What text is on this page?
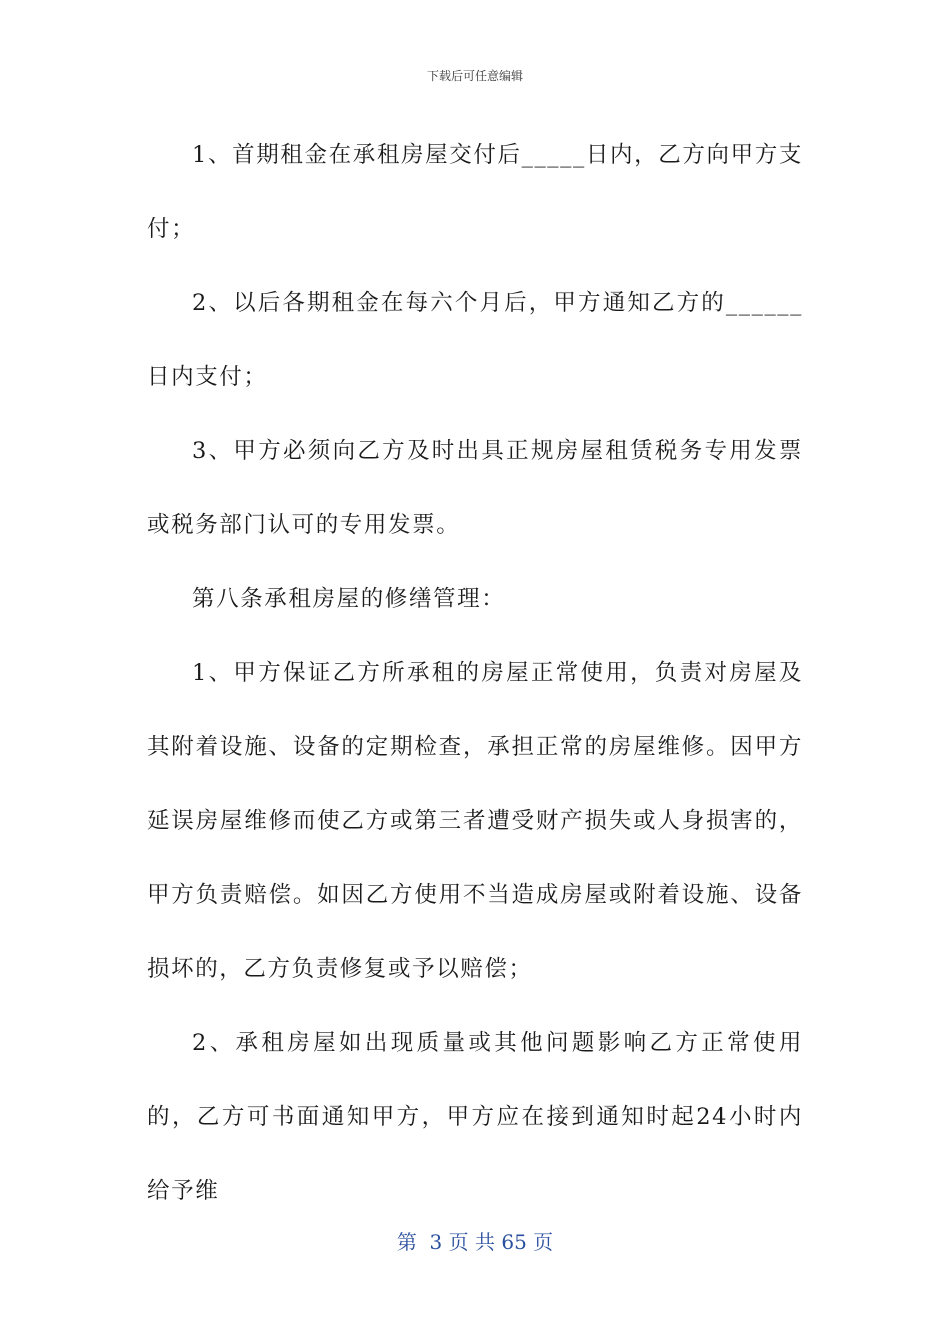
下载后可任意编辑

1、首期租金在承租房屋交付后_____日内，乙方向甲方支付；

2、以后各期租金在每六个月后，甲方通知乙方的______日内支付；

3、甲方必须向乙方及时出具正规房屋租赁税务专用发票或税务部门认可的专用发票。

第八条承租房屋的修缮管理：

1、甲方保证乙方所承租的房屋正常使用，负责对房屋及其附着设施、设备的定期检查，承担正常的房屋维修。因甲方延误房屋维修而使乙方或第三者遭受财产损失或人身损害的，甲方负责赔偿。如因乙方使用不当造成房屋或附着设施、设备损坏的，乙方负责修复或予以赔偿；

2、承租房屋如出现质量或其他问题影响乙方正常使用的，乙方可书面通知甲方，甲方应在接到通知时起24小时内给予维

第  3 页 共 65 页
